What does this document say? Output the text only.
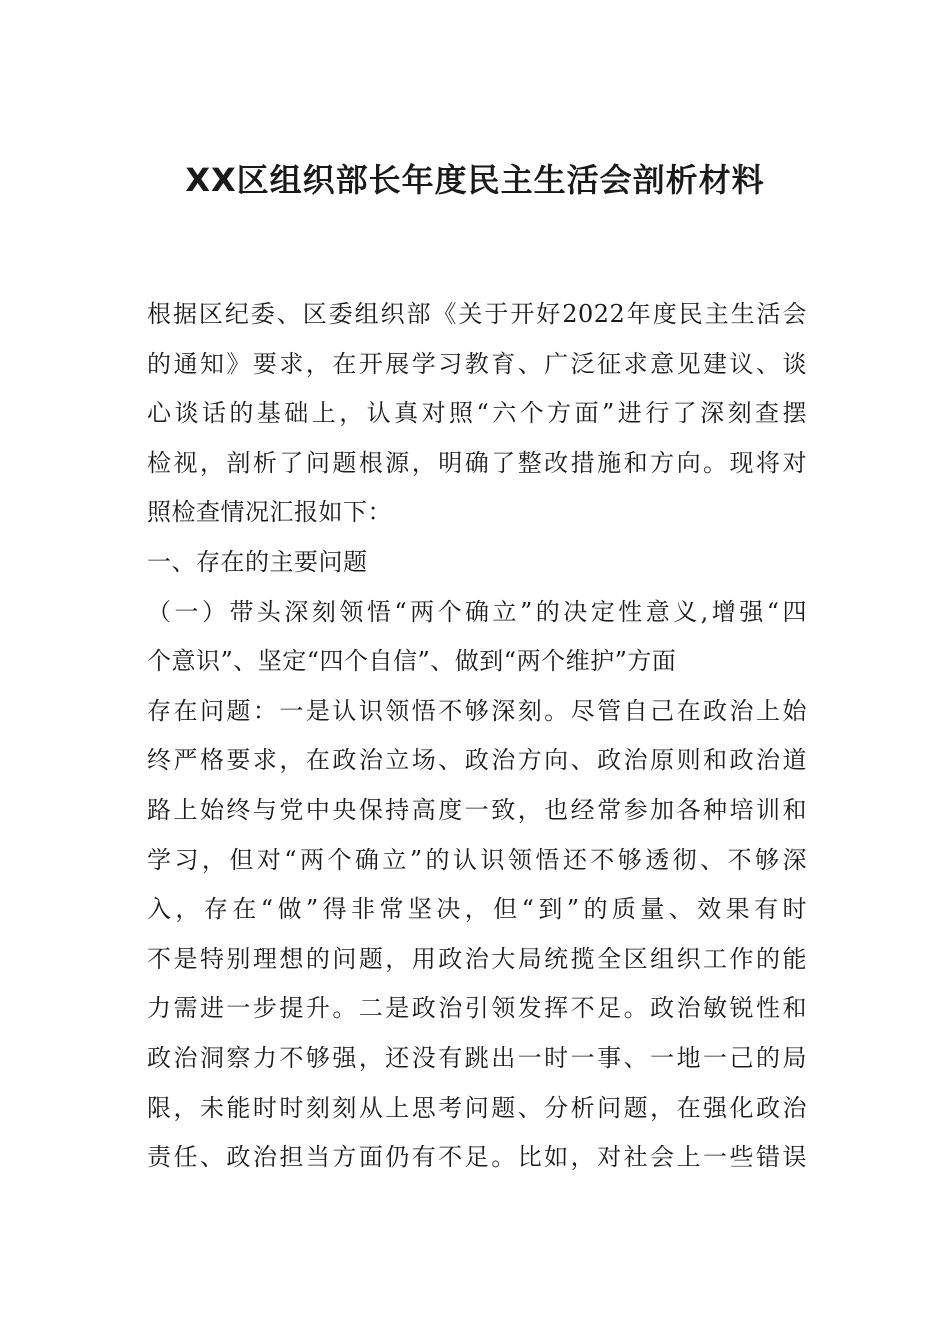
XX区组织部长年度民主生活会剖析材料
根据区纪委、区委组织部《关于开好2022年度民主生活会
的通知》要求，在开展学习教育、广泛征求意见建议、谈
心谈话的基础上，认真对照“六个方面”进行了深刻查摆
检视，剖析了问题根源，明确了整改措施和方向。现将对
照检查情况汇报如下：
一、存在的主要问题
（一）带头深刻领悟“两个确立”的决定性意义,增强“四
个意识”、坚定“四个自信”、做到“两个维护”方面
存在问题：一是认识领悟不够深刻。尽管自己在政治上始
终严格要求，在政治立场、政治方向、政治原则和政治道
路上始终与党中央保持高度一致，也经常参加各种培训和
学习，但对“两个确立”的认识领悟还不够透彻、不够深
入，存在“做”得非常坚决，但“到”的质量、效果有时
不是特别理想的问题，用政治大局统揽全区组织工作的能
力需进一步提升。二是政治引领发挥不足。政治敏锐性和
政治洞察力不够强，还没有跳出一时一事、一地一己的局
限，未能时时刻刻从上思考问题、分析问题，在强化政治
责任、政治担当方面仍有不足。比如，对社会上一些错误
